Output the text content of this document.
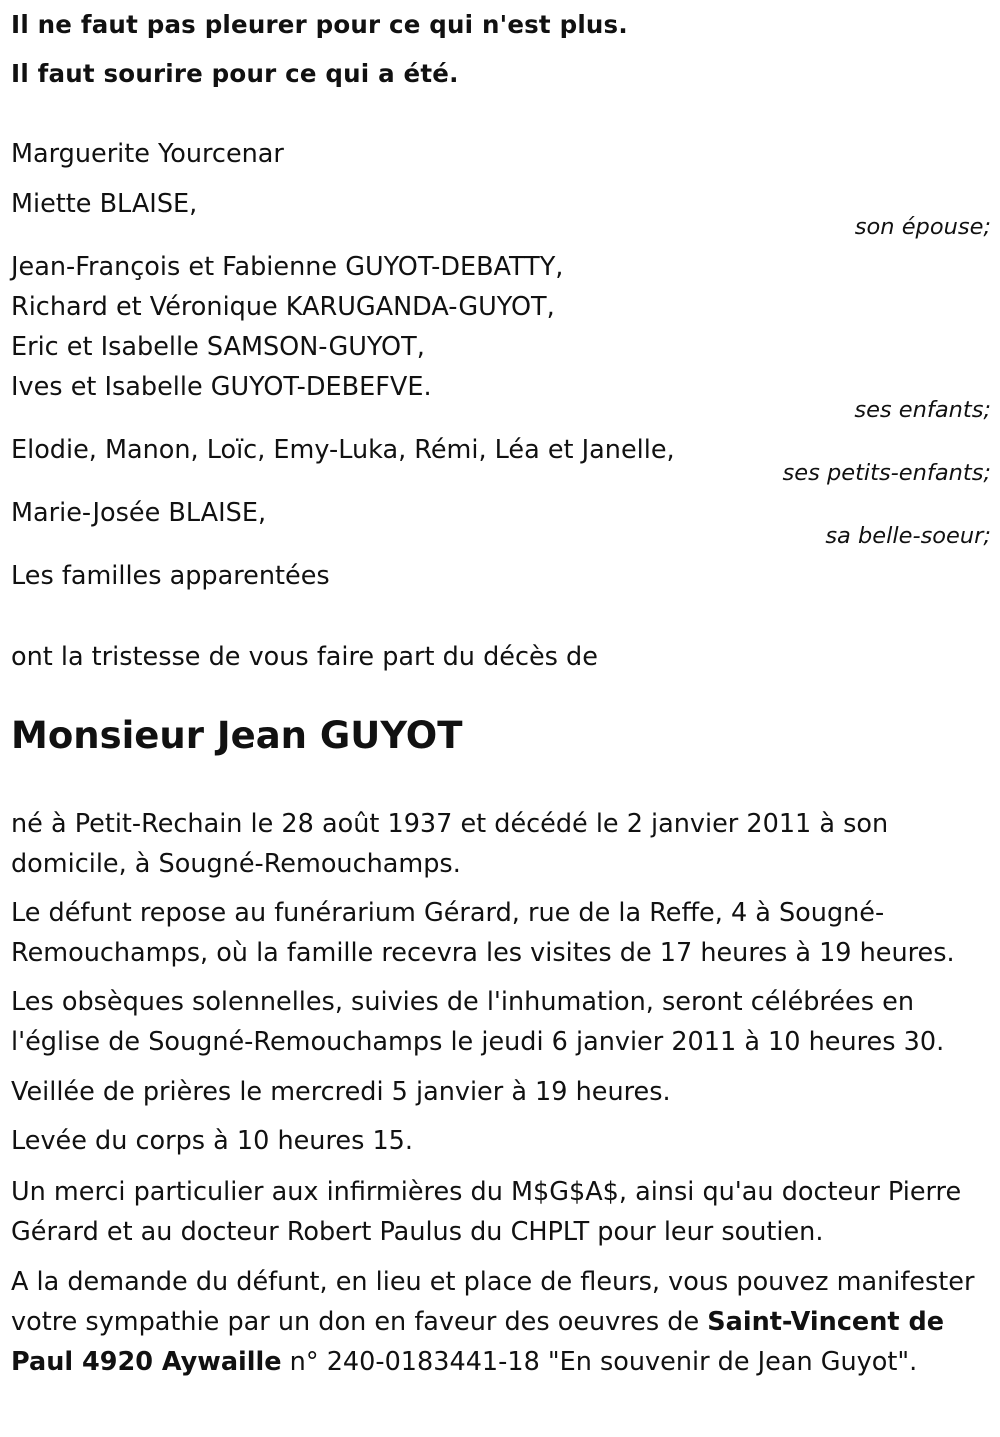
Il ne faut pas pleurer pour ce qui n'est plus.
Il faut sourire pour ce qui a été.
Marguerite Yourcenar
Miette BLAISE,
son épouse;
Jean-François et Fabienne GUYOT-DEBATTY,
Richard et Véronique KARUGANDA-GUYOT,
Eric et Isabelle SAMSON-GUYOT,
Ives et Isabelle GUYOT-DEBEFVE.
ses enfants;
Elodie, Manon, Loïc, Emy-Luka, Rémi, Léa et Janelle,
ses petits-enfants;
Marie-Josée BLAISE,
sa belle-soeur;
Les familles apparentées
ont la tristesse de vous faire part du décès de
Monsieur Jean GUYOT
né à Petit-Rechain le 28 août 1937 et décédé le 2 janvier 2011 à son domicile, à Sougné-Remouchamps.
Le défunt repose au funérarium Gérard, rue de la Reffe, 4 à Sougné-Remouchamps, où la famille recevra les visites de 17 heures à 19 heures.
Les obsèques solennelles, suivies de l'inhumation, seront célébrées en l'église de Sougné-Remouchamps le jeudi 6 janvier 2011 à 10 heures 30.
Veillée de prières le mercredi 5 janvier à 19 heures.
Levée du corps à 10 heures 15.
Un merci particulier aux infirmières du M$G$A$, ainsi qu'au docteur Pierre Gérard et au docteur Robert Paulus du CHPLT pour leur soutien.
A la demande du défunt, en lieu et place de fleurs, vous pouvez manifester votre sympathie par un don en faveur des oeuvres de Saint-Vincent de Paul 4920 Aywaille n° 240-0183441-18 "En souvenir de Jean Guyot".
